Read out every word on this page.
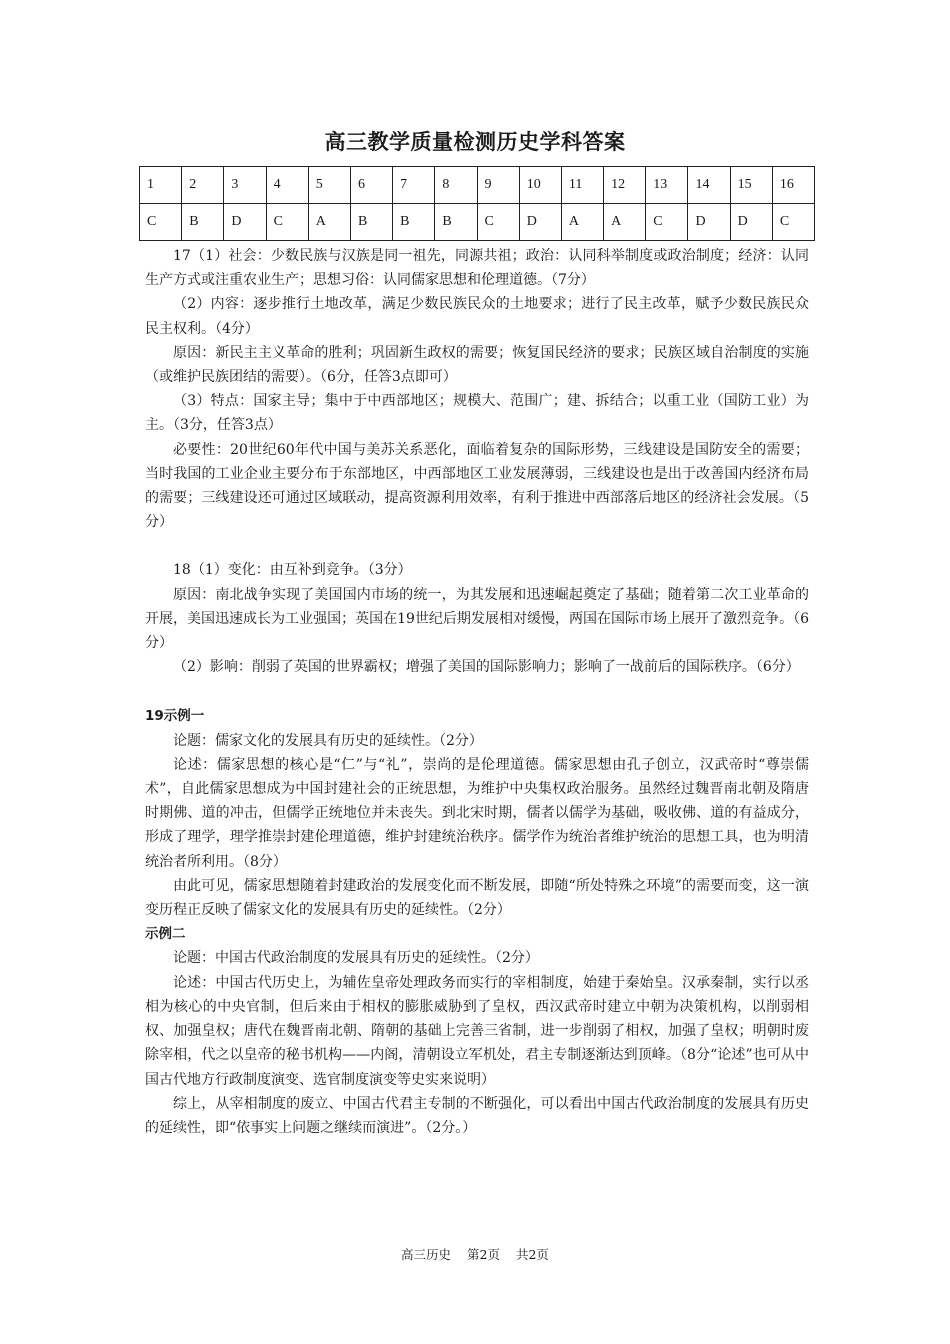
高三教学质量检测历史学科答案
1	2	3	4	5	6	7	8	9	10	11	12	13	14	15	16
C	B	D	C	A	B	B	B	C	D	A	A	C	D	D	C

17（1）社会：少数民族与汉族是同一祖先，同源共祖；政治：认同科举制度或政治制度；经济：认同生产方式或注重农业生产；思想习俗：认同儒家思想和伦理道德。（7分）

（2）内容：逐步推行土地改革，满足少数民族民众的土地要求；进行了民主改革，赋予少数民族民众民主权利。（4分）

原因：新民主主义革命的胜利；巩固新生政权的需要；恢复国民经济的要求；民族区域自治制度的实施（或维护民族团结的需要）。（6分，任答3点即可）

（3）特点：国家主导；集中于中西部地区；规模大、范围广；建、拆结合；以重工业（国防工业）为主。（3分，任答3点）

必要性：20世纪60年代中国与美苏关系恶化，面临着复杂的国际形势，三线建设是国防安全的需要；当时我国的工业企业主要分布于东部地区，中西部地区工业发展薄弱，三线建设也是出于改善国内经济布局的需要；三线建设还可通过区域联动，提高资源利用效率，有利于推进中西部落后地区的经济社会发展。（5分）

18（1）变化：由互补到竞争。（3分）

原因：南北战争实现了美国国内市场的统一，为其发展和迅速崛起奠定了基础；随着第二次工业革命的开展，美国迅速成长为工业强国；英国在19世纪后期发展相对缓慢，两国在国际市场上展开了激烈竞争。（6分）

（2）影响：削弱了英国的世界霸权；增强了美国的国际影响力；影响了一战前后的国际秩序。（6分）

19示例一

论题：儒家文化的发展具有历史的延续性。（2分）

论述：儒家思想的核心是“仁”与“礼”，崇尚的是伦理道德。儒家思想由孔子创立，汉武帝时“尊崇儒术”，自此儒家思想成为中国封建社会的正统思想，为维护中央集权政治服务。虽然经过魏晋南北朝及隋唐时期佛、道的冲击，但儒学正统地位并未丧失。到北宋时期，儒者以儒学为基础，吸收佛、道的有益成分，形成了理学，理学推崇封建伦理道德，维护封建统治秩序。儒学作为统治者维护统治的思想工具，也为明清统治者所利用。（8分）

由此可见，儒家思想随着封建政治的发展变化而不断发展，即随“所处特殊之环境”的需要而变，这一演变历程正反映了儒家文化的发展具有历史的延续性。（2分）

示例二

论题：中国古代政治制度的发展具有历史的延续性。（2分）

论述：中国古代历史上，为辅佐皇帝处理政务而实行的宰相制度，始建于秦始皇。汉承秦制，实行以丞相为核心的中央官制，但后来由于相权的膨胀威胁到了皇权，西汉武帝时建立中朝为决策机构，以削弱相权、加强皇权；唐代在魏晋南北朝、隋朝的基础上完善三省制，进一步削弱了相权，加强了皇权；明朝时废除宰相，代之以皇帝的秘书机构——内阁，清朝设立军机处，君主专制逐渐达到顶峰。（8分“论述”也可从中国古代地方行政制度演变、选官制度演变等史实来说明）

综上，从宰相制度的废立、中国古代君主专制的不断强化，可以看出中国古代政治制度的发展具有历史的延续性，即“依事实上问题之继续而演进”。（2分。）

高三历史 第2页 共2页
